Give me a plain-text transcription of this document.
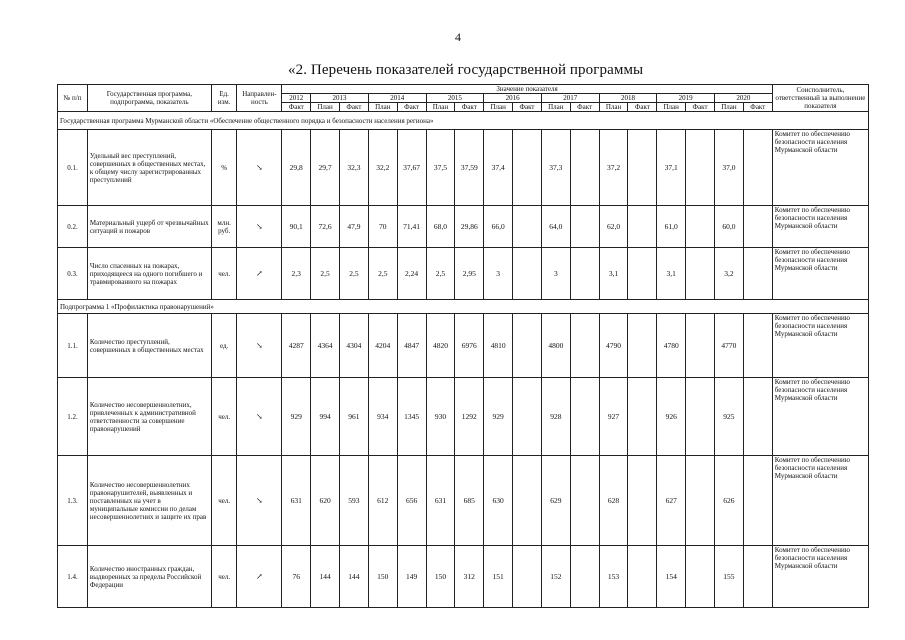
4
«2. Перечень показателей государственной программы
№ п/п	Государственная программа, подпрограмма, показатель	Ед. изм.	Направлен-ность	Значение показателя																	Соисполнитель, ответственный за выполнение показателя
				2012	2013		2014		2015		2016		2017		2018		2019		2020		
				Факт	План	Факт	План	Факт	План	Факт	План	Факт	План	Факт	План	Факт	План	Факт	План	Факт	
Государственная программа Мурманской области «Обеспечение общественного порядка и безопасности населения региона»																					
0.1.	Удельный вес преступлений, совершенных в общественных местах, к общему числу зарегистрированных преступлений	%	↘	29,8	29,7	32,3	32,2	37,67	37,5	37,59	37,4		37,3		37,2		37,1		37,0		Комитет по обеспечению безопасности населения Мурманской области
0.2.	Материальный ущерб от чрезвычайных ситуаций и пожаров	млн. руб.	↘	90,1	72,6	47,9	70	71,41	68,0	29,86	66,0		64,0		62,0		61,0		60,0		Комитет по обеспечению безопасности населения Мурманской области
0.3.	Число спасенных на пожарах, приходящееся на одного погибшего и травмированного на пожарах	чел.	↗	2,3	2,5	2,5	2,5	2,24	2,5	2,95	3		3		3,1		3,1		3,2		Комитет по обеспечению безопасности населения Мурманской области
Подпрограмма 1 «Профилактика правонарушений»																					
1.1.	Количество преступлений, совершенных в общественных местах	ед.	↘	4287	4364	4304	4204	4847	4820	6976	4810		4800		4790		4780		4770		Комитет по обеспечению безопасности населения Мурманской области
1.2.	Количество несовершеннолетних, привлеченных к административной ответственности за совершение правонарушений	чел.	↘	929	994	961	934	1345	930	1292	929		928		927		926		925		Комитет по обеспечению безопасности населения Мурманской области
1.3.	Количество несовершеннолетних правонарушителей, выявленных и поставленных на учет в муниципальные комиссии по делам несовершеннолетних и защите их прав	чел.	↘	631	620	593	612	656	631	685	630		629		628		627		626		Комитет по обеспечению безопасности населения Мурманской области
1.4.	Количество иностранных граждан, выдворенных за пределы Российской Федерации	чел.	↗	76	144	144	150	149	150	312	151		152		153		154		155		Комитет по обеспечению безопасности населения Мурманской области
